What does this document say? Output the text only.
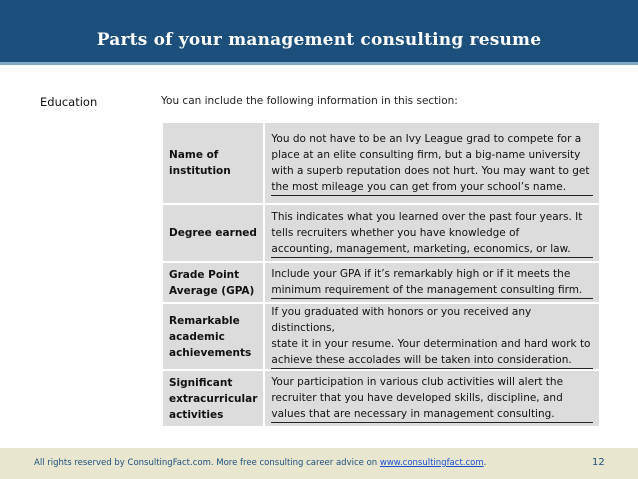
Parts of your management consulting resume
Education	You can include the following information in this section:
Name of
institution	You do not have to be an Ivy League grad to compete for a
place at an elite consulting firm, but a big-name university
with a superb reputation does not hurt. You may want to get
the most mileage you can get from your school’s name.

Degree earned	This indicates what you learned over the past four years. It
tells recruiters whether you have knowledge of
accounting, management, marketing, economics, or law.

Grade Point
Average (GPA)	Include your GPA if it’s remarkably high or if it meets the
minimum requirement of the management consulting firm.

Remarkable
academic
achievements	If you graduated with honors or you received any distinctions,
state it in your resume. Your determination and hard work to
achieve these accolades will be taken into consideration.

Significant
extracurricular
activities	Your participation in various club activities will alert the
recruiter that you have developed skills, discipline, and
values that are necessary in management consulting.
All rights reserved by ConsultingFact.com. More free consulting career advice on www.consultingfact.com.	12
